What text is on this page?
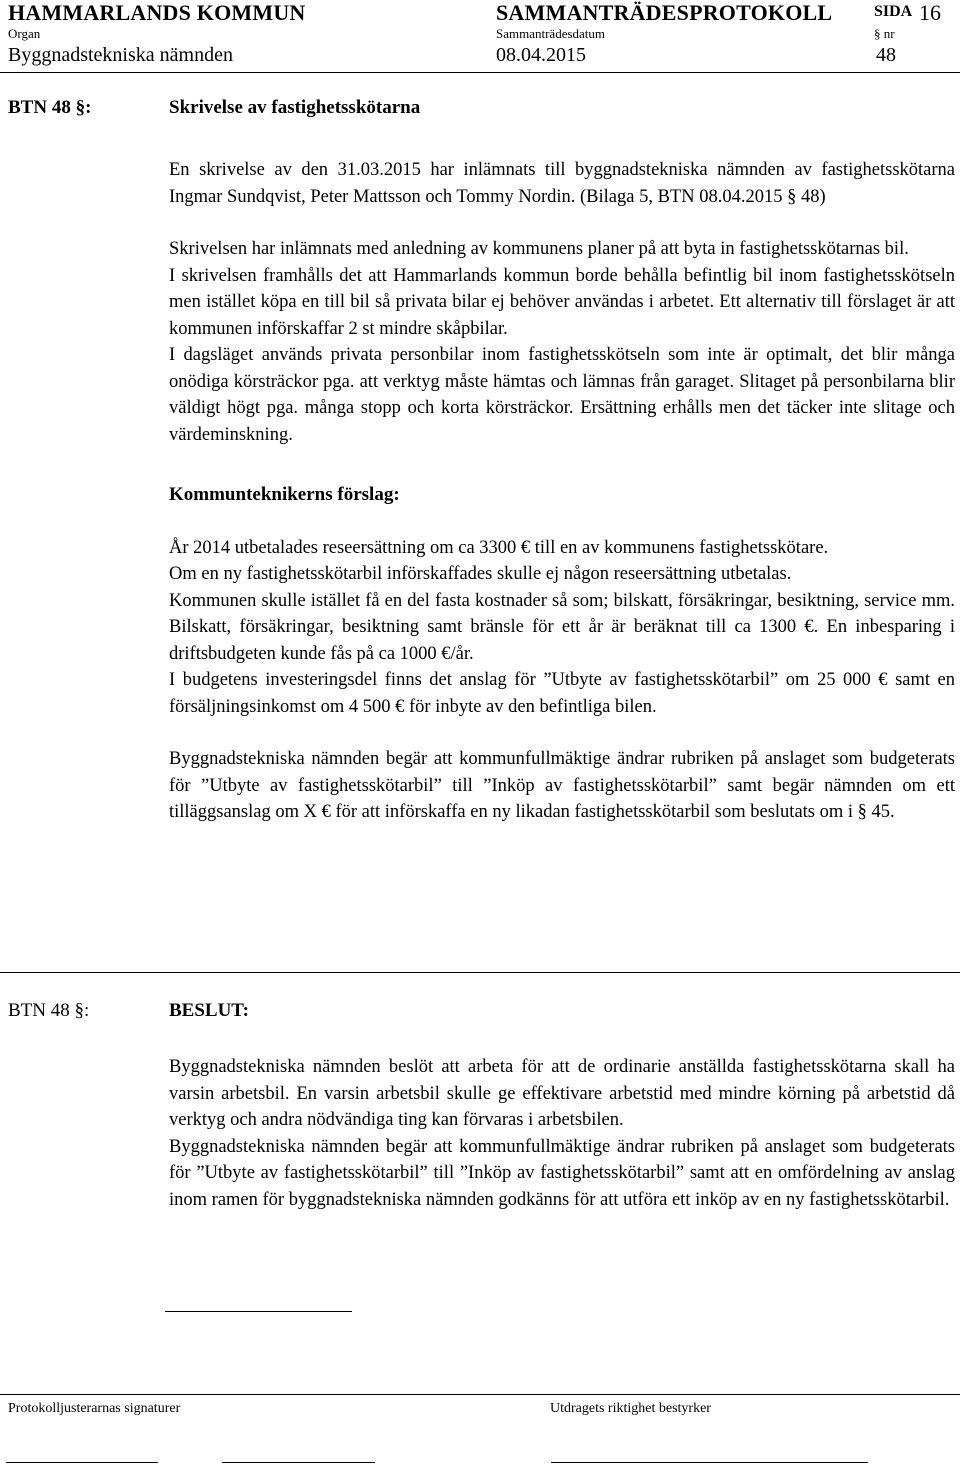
HAMMARLANDS KOMMUN	SAMMANTRÄDESPROTOKOLL	SIDA 16
Organ	Sammanträdesdatum	§ nr
Byggnadstekniska nämnden	08.04.2015	48
BTN 48 §:	Skrivelse av fastighetsskötarna

En skrivelse av den 31.03.2015 har inlämnats till byggnadstekniska nämnden av fastighetsskötarna Ingmar Sundqvist, Peter Mattsson och Tommy Nordin. (Bilaga 5, BTN 08.04.2015 § 48)

Skrivelsen har inlämnats med anledning av kommunens planer på att byta in fastighetsskötarnas bil.

I skrivelsen framhålls det att Hammarlands kommun borde behålla befintlig bil inom fastighetsskötseln men istället köpa en till bil så privata bilar ej behöver användas i arbetet. Ett alternativ till förslaget är att kommunen införskaffar 2 st mindre skåpbilar.

I dagsläget används privata personbilar inom fastighetsskötseln som inte är optimalt, det blir många onödiga körsträckor pga. att verktyg måste hämtas och lämnas från garaget. Slitaget på personbilarna blir väldigt högt pga. många stopp och korta körsträckor. Ersättning erhålls men det täcker inte slitage och värdeminskning.

Kommunteknikerns förslag:

År 2014 utbetalades reseersättning om ca 3300 € till en av kommunens fastighetsskötare.

Om en ny fastighetsskötarbil införskaffades skulle ej någon reseersättning utbetalas.

Kommunen skulle istället få en del fasta kostnader så som; bilskatt, försäkringar, besiktning, service mm. Bilskatt, försäkringar, besiktning samt bränsle för ett år är beräknat till ca 1300 €. En inbesparing i driftsbudgeten kunde fås på ca 1000 €/år.

I budgetens investeringsdel finns det anslag för ”Utbyte av fastighetsskötarbil” om 25 000 € samt en försäljningsinkomst om 4 500 € för inbyte av den befintliga bilen.

Byggnadstekniska nämnden begär att kommunfullmäktige ändrar rubriken på anslaget som budgeterats för ”Utbyte av fastighetsskötarbil” till ”Inköp av fastighetsskötarbil” samt begär nämnden om ett tilläggsanslag om X € för att införskaffa en ny likadan fastighetsskötarbil som beslutats om i § 45.

BTN 48 §:	BESLUT:

Byggnadstekniska nämnden beslöt att arbeta för att de ordinarie anställda fastighetsskötarna skall ha varsin arbetsbil. En varsin arbetsbil skulle ge effektivare arbetstid med mindre körning på arbetstid då verktyg och andra nödvändiga ting kan förvaras i arbetsbilen.

Byggnadstekniska nämnden begär att kommunfullmäktige ändrar rubriken på anslaget som budgeterats för ”Utbyte av fastighetsskötarbil” till ”Inköp av fastighetsskötarbil” samt att en omfördelning av anslag inom ramen för byggnadstekniska nämnden godkänns för att utföra ett inköp av en ny fastighetsskötarbil.

Protokolljusterarnas signaturer	Utdragets riktighet bestyrker
